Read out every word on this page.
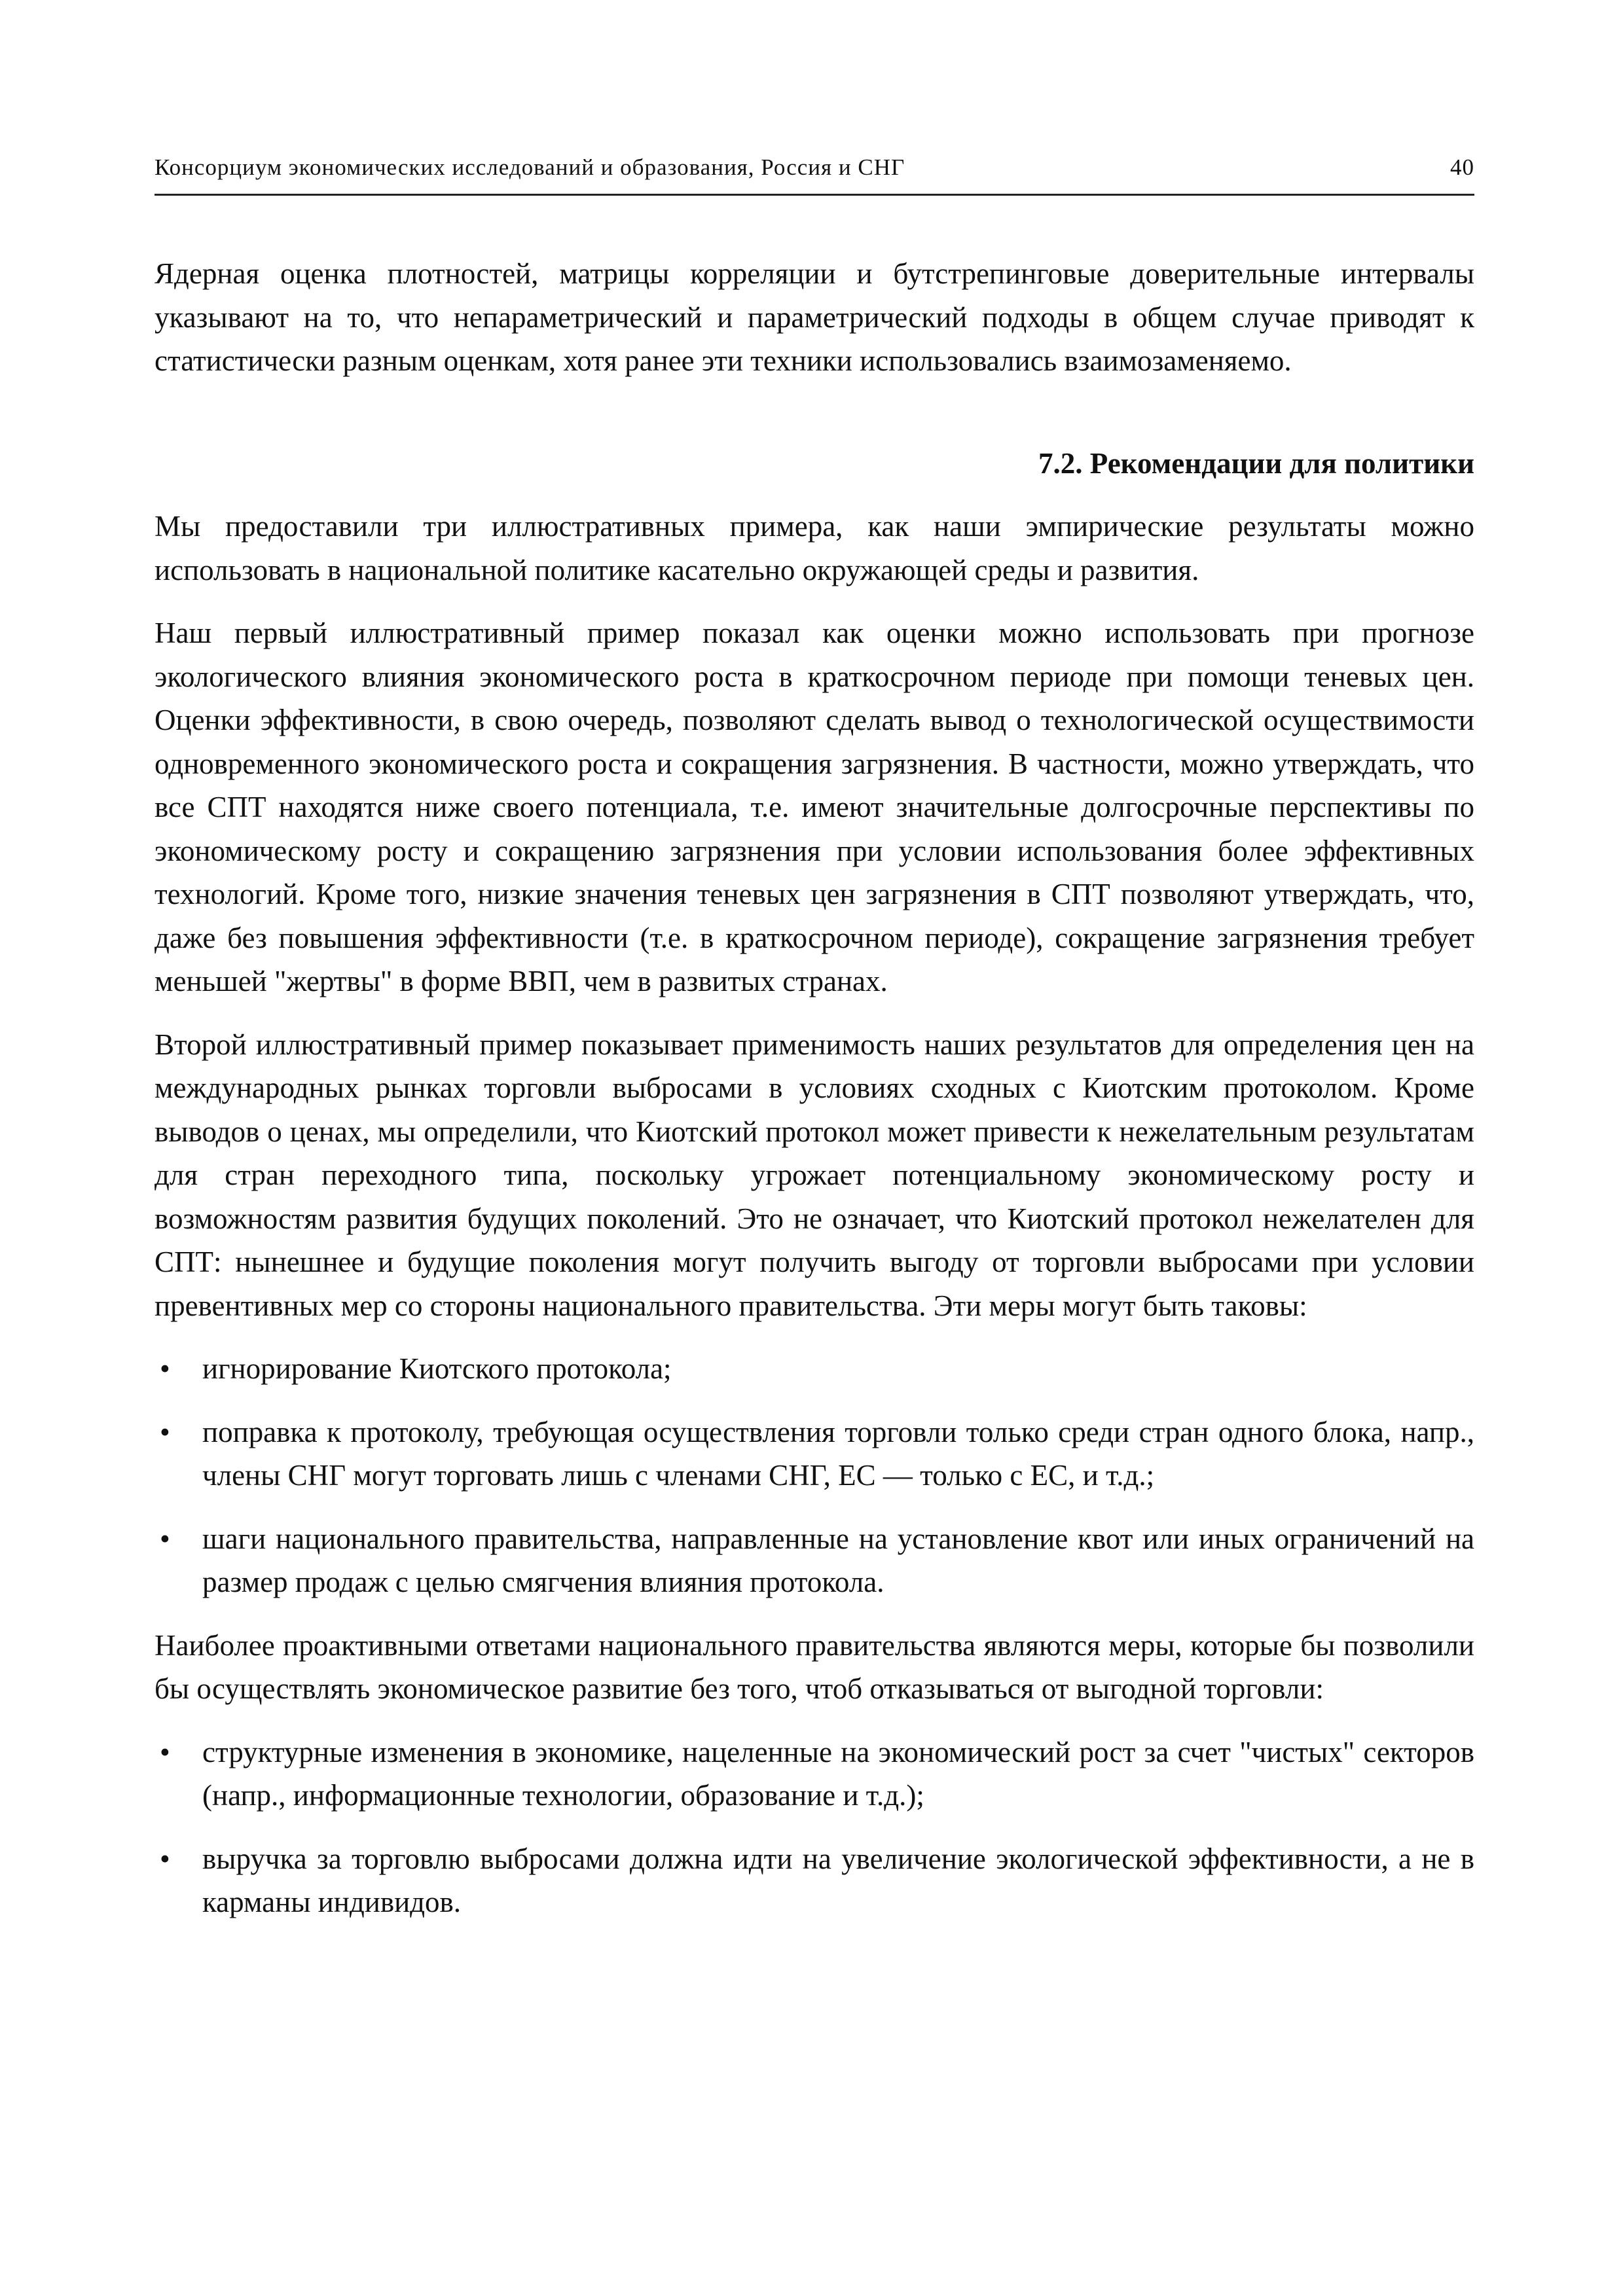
Консорциум экономических исследований и образования, Россия и СНГ	40

Ядерная оценка плотностей, матрицы корреляции и бутстрепинговые доверительные интервалы указывают на то, что непараметрический и параметрический подходы в общем случае приводят к статистически разным оценкам, хотя ранее эти техники использовались взаимозаменяемо.

7.2. Рекомендации для политики

Мы предоставили три иллюстративных примера, как наши эмпирические результаты можно использовать в национальной политике касательно окружающей среды и развития.

Наш первый иллюстративный пример показал как оценки можно использовать при прогнозе экологического влияния экономического роста в краткосрочном периоде при помощи теневых цен. Оценки эффективности, в свою очередь, позволяют сделать вывод о технологической осуществимости одновременного экономического роста и сокращения загрязнения. В частности, можно утверждать, что все СПТ находятся ниже своего потенциала, т.е. имеют значительные долгосрочные перспективы по экономическому росту и сокращению загрязнения при условии использования более эффективных технологий. Кроме того, низкие значения теневых цен загрязнения в СПТ позволяют утверждать, что, даже без повышения эффективности (т.е. в краткосрочном периоде), сокращение загрязнения требует меньшей "жертвы" в форме ВВП, чем в развитых странах.

Второй иллюстративный пример показывает применимость наших результатов для определения цен на международных рынках торговли выбросами в условиях сходных с Киотским протоколом. Кроме выводов о ценах, мы определили, что Киотский протокол может привести к нежелательным результатам для стран переходного типа, поскольку угрожает потенциальному экономическому росту и возможностям развития будущих поколений. Это не означает, что Киотский протокол нежелателен для СПТ: нынешнее и будущие поколения могут получить выгоду от торговли выбросами при условии превентивных мер со стороны национального правительства. Эти меры могут быть таковы:

• игнорирование Киотского протокола;
• поправка к протоколу, требующая осуществления торговли только среди стран одного блока, напр., члены СНГ могут торговать лишь с членами СНГ, ЕС — только с ЕС, и т.д.;
• шаги национального правительства, направленные на установление квот или иных ограничений на размер продаж с целью смягчения влияния протокола.

Наиболее проактивными ответами национального правительства являются меры, которые бы позволили бы осуществлять экономическое развитие без того, чтоб отказываться от выгодной торговли:

• структурные изменения в экономике, нацеленные на экономический рост за счет "чистых" секторов (напр., информационные технологии, образование и т.д.);
• выручка за торговлю выбросами должна идти на увеличение экологической эффективности, а не в карманы индивидов.
